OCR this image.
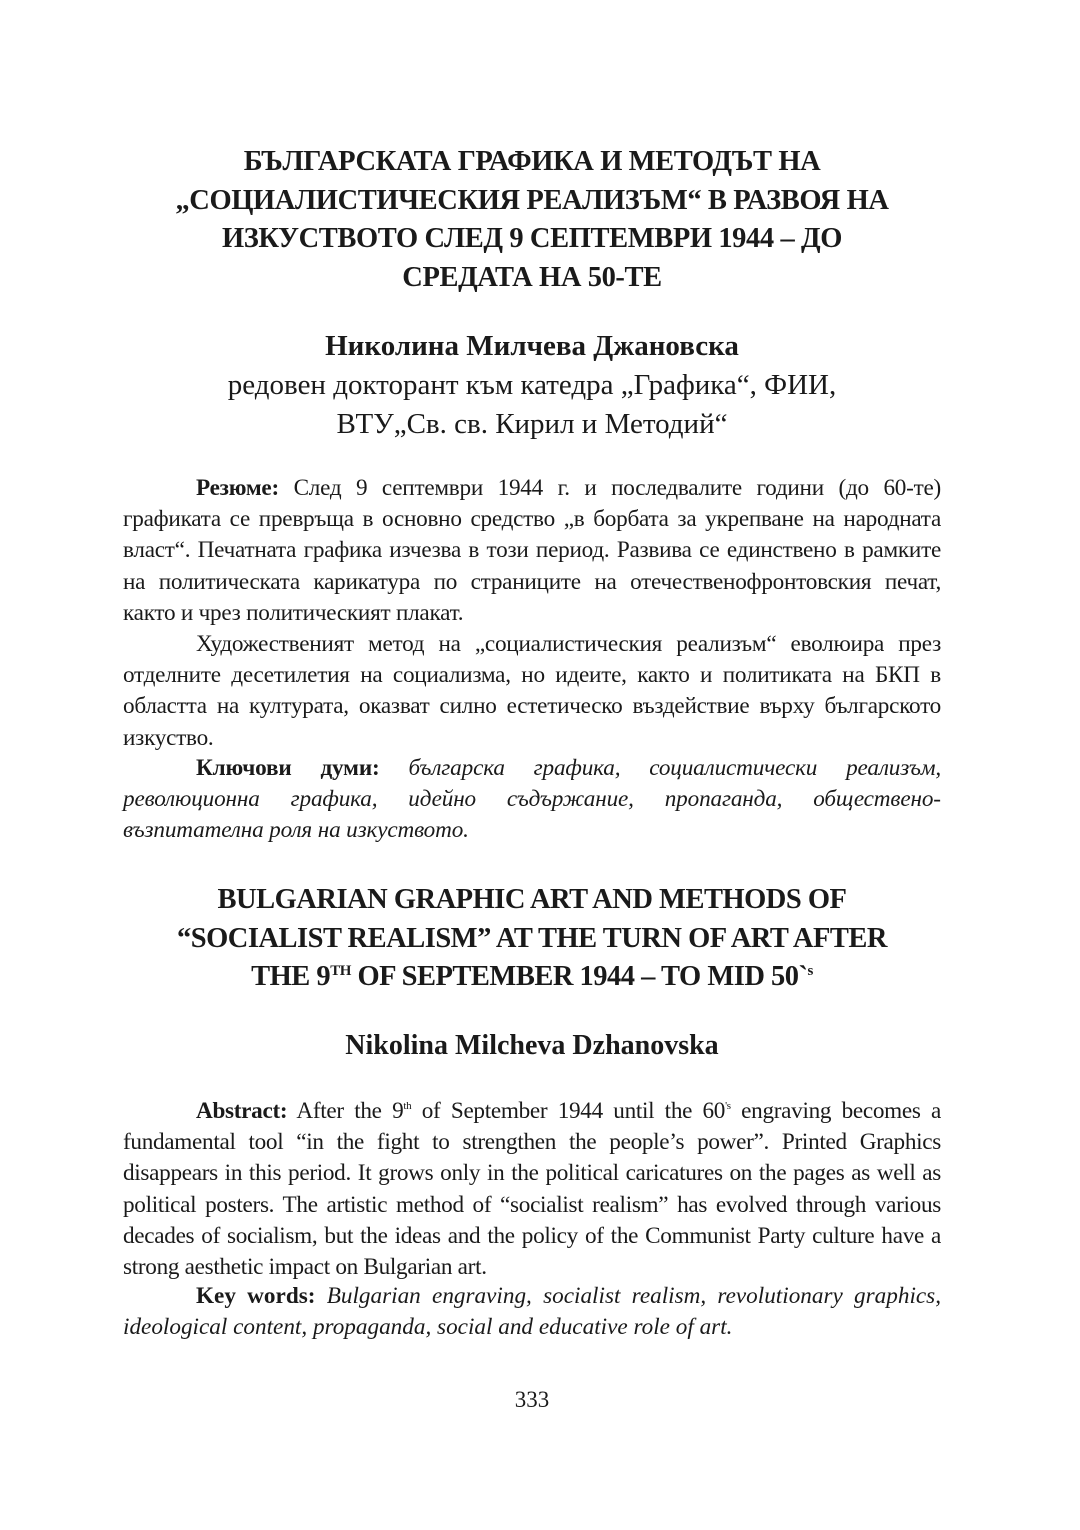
БЪЛГАРСКАТА ГРАФИКА И МЕТОДЪТ НА
„СОЦИАЛИСТИЧЕСКИЯ РЕАЛИЗЪМ“ В РАЗВОЯ НА
ИЗКУСТВОТО СЛЕД 9 СЕПТЕМВРИ 1944 – ДО
СРЕДАТА НА 50-ТЕ

Николина Милчева Джановска

редовен докторант към катедра „Графика“, ФИИ,
ВТУ„Св. св. Кирил и Методий“

Резюме: След 9 септември 1944 г. и последвалите години (до 60-те) графиката се превръща в основно средство „в борбата за укрепване на народната власт“. Печатната графика изчезва в този период. Развива се единствено в рамките на политическата карикатура по страниците на отечественофронтовския печат, както и чрез политическият плакат.

Художественият метод на „социалистическия реализъм“ еволюира през отделните десетилетия на социализма, но идеите, както и политиката на БКП в областта на културата, оказват силно естетическо въздействие върху българското изкуство.

Ключови думи: българска графика, социалистически реализъм, революционна графика, идейно съдържание, пропаганда, общественовъзпитателна роля на изкуството.

BULGARIAN GRAPHIC ART AND METHODS OF
“SOCIALIST REALISM” AT THE TURN OF ART AFTER
THE 9TH OF SEPTEMBER 1944 – TO MID 50`$^s$

Nikolina Milcheva Dzhanovska

Abstract: After the 9th of September 1944 until the $60^{'s}$ engraving becomes a fundamental tool “in the fight to strengthen the people’s power”. Printed Graphics disappears in this period. It grows only in the political caricatures on the pages as well as political posters. The artistic method of “socialist realism” has evolved through various decades of socialism, but the ideas and the policy of the Communist Party culture have a strong aesthetic impact on Bulgarian art.

Key words: Bulgarian engraving, socialist realism, revolutionary graphics, ideological content, propaganda, social and educative role of art.

333
